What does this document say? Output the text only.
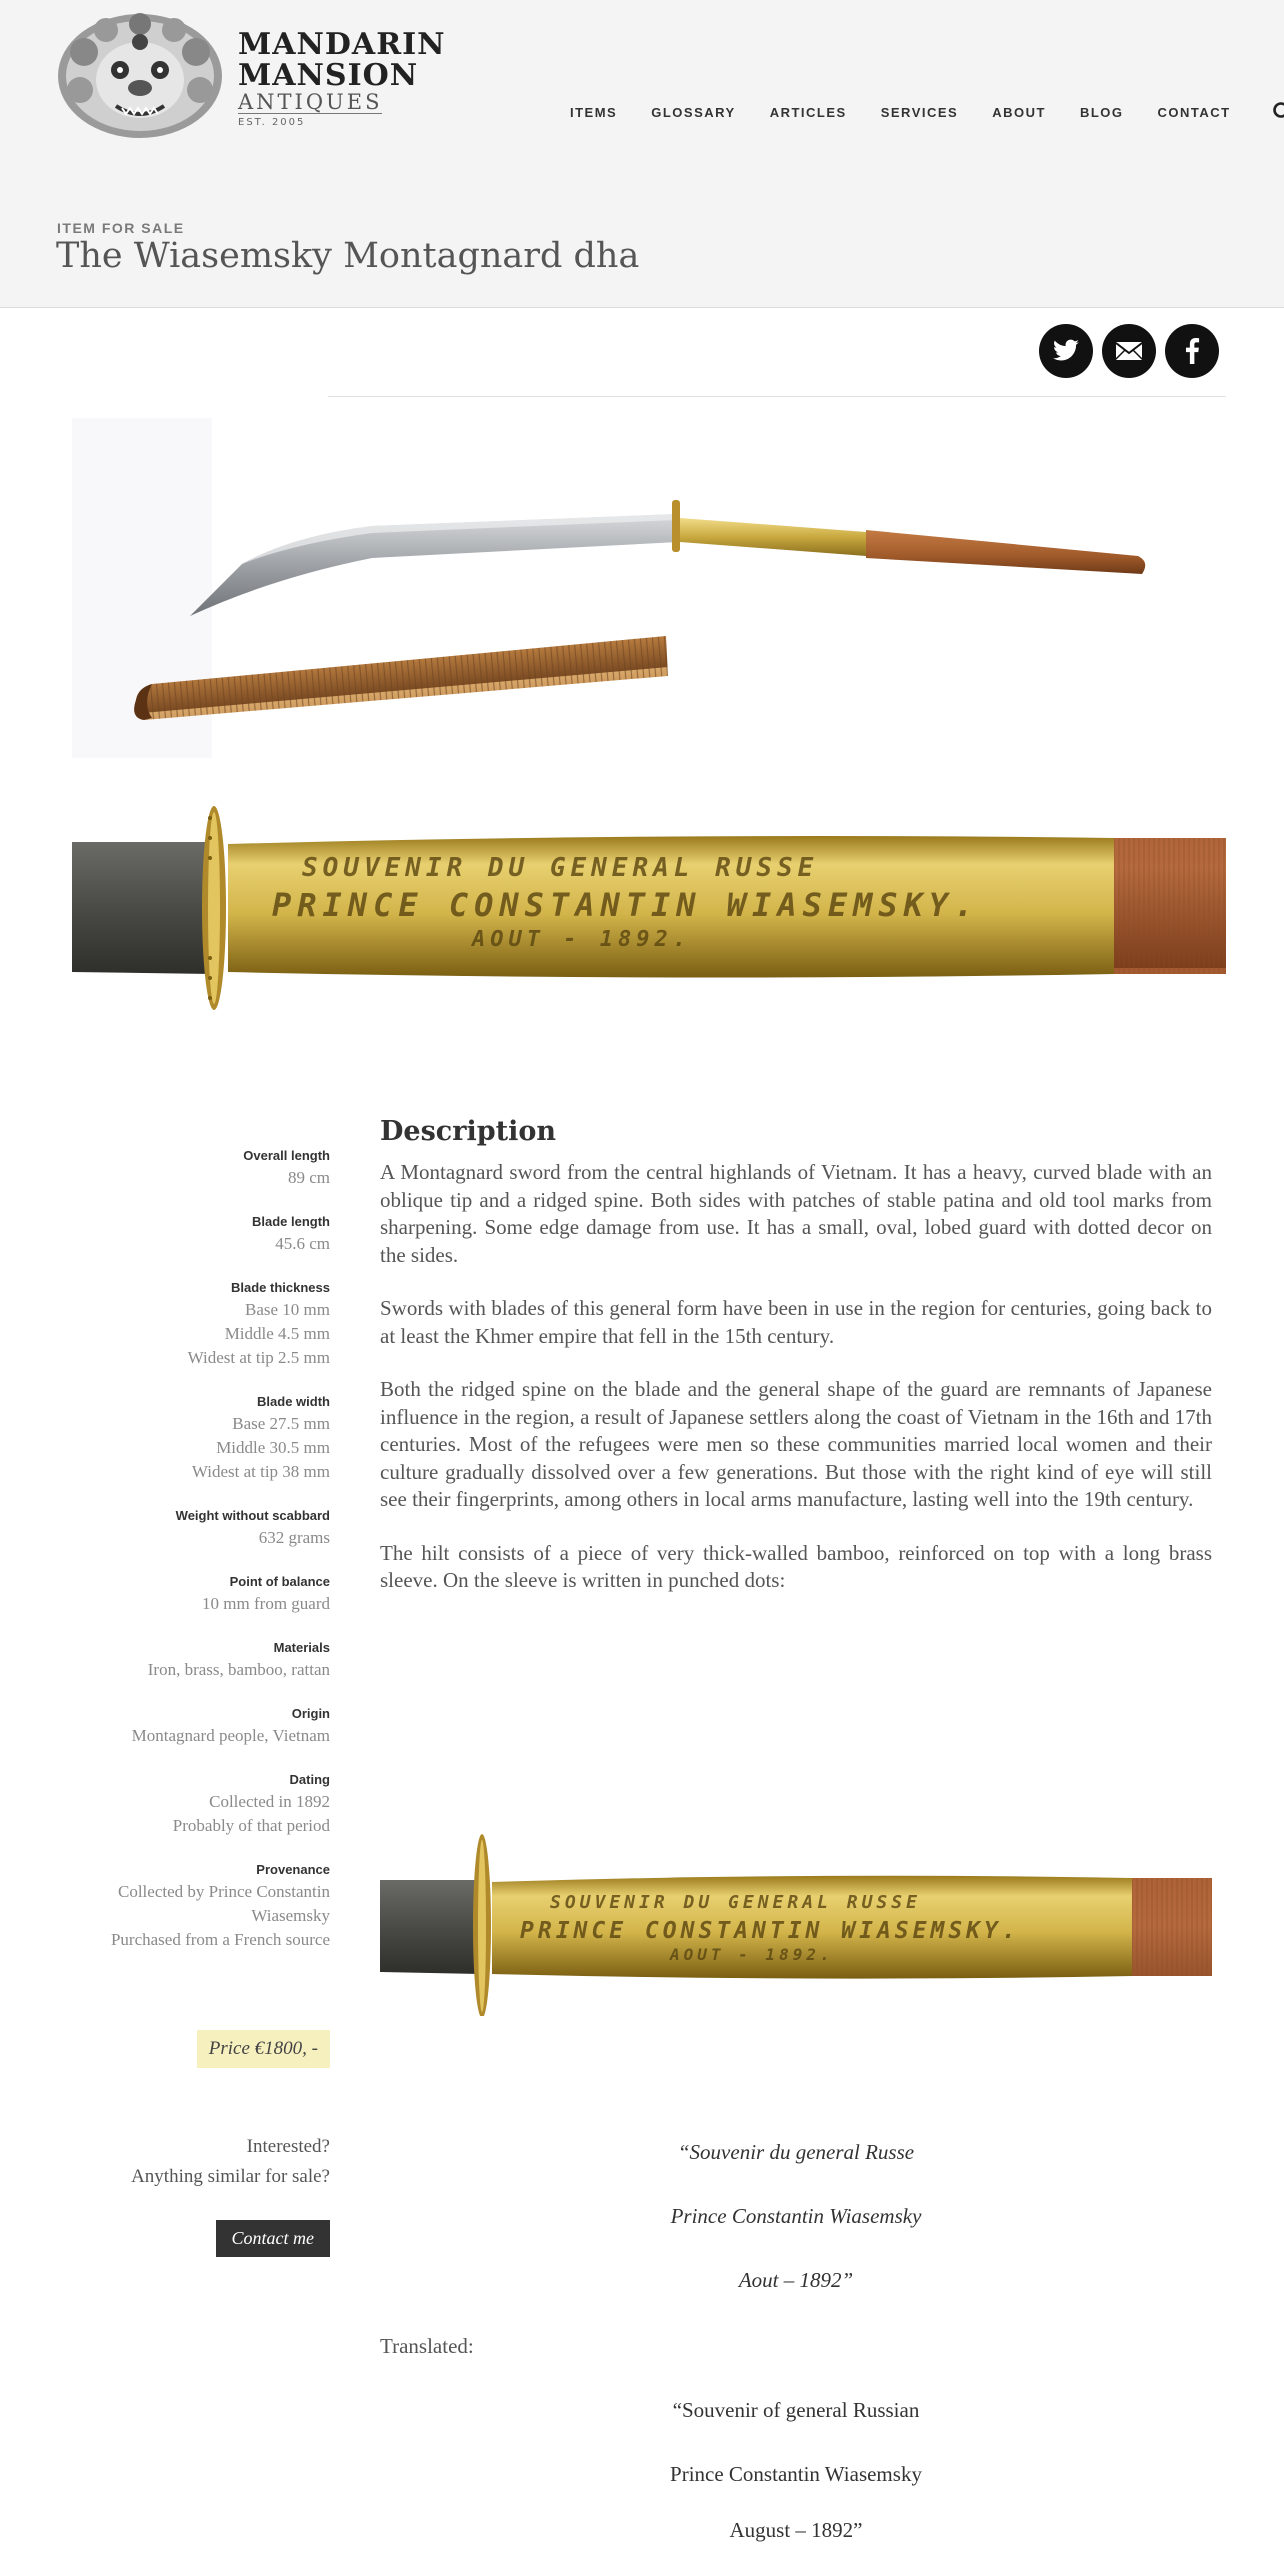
MANDARIN
MANSION
ANTIQUES
EST. 2005
ITEMS	GLOSSARY	ARTICLES	SERVICES	ABOUT	BLOG	CONTACT
ITEM FOR SALE
The Wiasemsky Montagnard dha
SOUVENIR DU GENERAL RUSSE
PRINCE CONSTANTIN WIASEMSKY.
AOUT - 1892.
Overall length
89 cm
Blade length
45.6 cm
Blade thickness
Base 10 mm
Middle 4.5 mm
Widest at tip 2.5 mm
Blade width
Base 27.5 mm
Middle 30.5 mm
Widest at tip 38 mm
Weight without scabbard
632 grams
Point of balance
10 mm from guard
Materials
Iron, brass, bamboo, rattan
Origin
Montagnard people, Vietnam
Dating
Collected in 1892
Probably of that period
Provenance
Collected by Prince Constantin
Wiasemsky
Purchased from a French source
Price €1800, -
Interested?
Anything similar for sale?
Contact me
Description

A Montagnard sword from the central highlands of Vietnam. It has a heavy, curved blade with an oblique tip and a ridged spine. Both sides with patches of stable patina and old tool marks from sharpening. Some edge damage from use. It has a small, oval, lobed guard with dotted decor on the sides.

Swords with blades of this general form have been in use in the region for centuries, going back to at least the Khmer empire that fell in the 15th century.

Both the ridged spine on the blade and the general shape of the guard are remnants of Japanese influence in the region, a result of Japanese settlers along the coast of Vietnam in the 16th and 17th centuries. Most of the refugees were men so these communities married local women and their culture gradually dissolved over a few generations. But those with the right kind of eye will still see their fingerprints, among others in local arms manufacture, lasting well into the 19th century.

The hilt consists of a piece of very thick-walled bamboo, reinforced on top with a long brass sleeve. On the sleeve is written in punched dots:

SOUVENIR DU GENERAL RUSSE
PRINCE CONSTANTIN WIASEMSKY.
AOUT - 1892.
“Souvenir du general Russe
Prince Constantin Wiasemsky
Aout – 1892”
Translated:
“Souvenir of general Russian
Prince Constantin Wiasemsky
August – 1892”
